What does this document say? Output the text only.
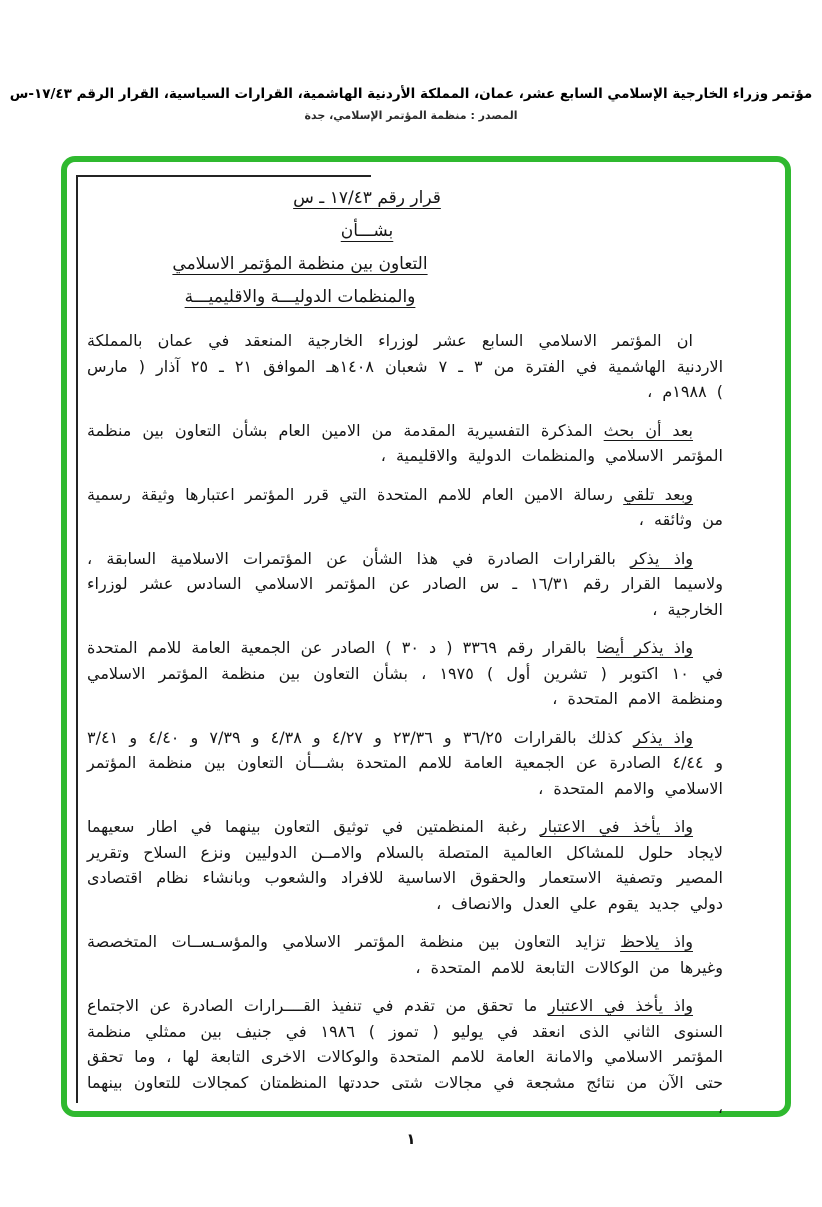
مؤتمر وزراء الخارجية الإسلامي السابع عشر، عمان، المملكة الأردنية الهاشمية، القرارات السياسية، القرار الرقم ١٧/٤٣-س
المصدر : منظمة المؤتمر الإسلامي، جدة
قرار رقم ١٧/٤٣ ـ س
بشـــأن
التعاون بين منظمة المؤتمر الاسلامي
والمنظمات الدوليـــة والاقليميـــة

ان المؤتمر الاسلامي السابع عشر لوزراء الخارجية المنعقد في عمان بالمملكة الاردنية الهاشمية في الفترة من ٣ ـ ٧ شعبان ١٤٠٨هـ الموافق ٢١ ـ ٢٥ آذار ( مارس ) ١٩٨٨م ،

بعد أن بحث المذكرة التفسيرية المقدمة من الامين العام بشأن التعاون بين منظمة المؤتمر الاسلامي والمنظمات الدولية والاقليمية ،

وبعد تلقي رسالة الامين العام للامم المتحدة التي قرر المؤتمر اعتبارها وثيقة رسمية من وثائقه ،

واذ يذكر بالقرارات الصادرة في هذا الشأن عن المؤتمرات الاسلامية السابقة ، ولاسيما القرار رقم ١٦/٣١ ـ س الصادر عن المؤتمر الاسلامي السادس عشر لوزراء الخارجية ،

واذ يذكر أيضا بالقرار رقم ٣٣٦٩ ( د ٣٠ ) الصادر عن الجمعية العامة للامم المتحدة في ١٠ اكتوبر ( تشرين أول ) ١٩٧٥ ، بشأن التعاون بين منظمة المؤتمر الاسلامي ومنظمة الامم المتحدة ،

واذ يذكر كذلك بالقرارات ٣٦/٢٥ و ٢٣/٣٦ و ٤/٢٧ و ٤/٣٨ و ٧/٣٩ و ٤/٤٠ و ٣/٤١ و ٤/٤٤ الصادرة عن الجمعية العامة للامم المتحدة بشـــأن التعاون بين منظمة المؤتمر الاسلامي والامم المتحدة ،

واذ يأخذ في الاعتبار رغبة المنظمتين في توثيق التعاون بينهما في اطار سعيهما لايجاد حلول للمشاكل العالمية المتصلة بالسلام والامــن الدوليين ونزع السلاح وتقرير المصير وتصفية الاستعمار والحقوق الاساسية للافراد والشعوب وبانشاء نظام اقتصادى دولي جديد يقوم علي العدل والانصاف ،

واذ يلاحظ تزايد التعاون بين منظمة المؤتمر الاسلامي والمؤسـســات المتخصصة وغيرها من الوكالات التابعة للامم المتحدة ،

واذ يأخذ في الاعتبار ما تحقق من تقدم في تنفيذ القــــرارات الصادرة عن الاجتماع السنوى الثاني الذى انعقد في يوليو ( تموز ) ١٩٨٦ في جنيف بين ممثلي منظمة المؤتمر الاسلامي والامانة العامة للامم المتحدة والوكالات الاخرى التابعة لها ، وما تحقق حتى الآن من نتائج مشجعة في مجالات شتى حددتها المنظمتان كمجالات للتعاون بينهما ،

١
